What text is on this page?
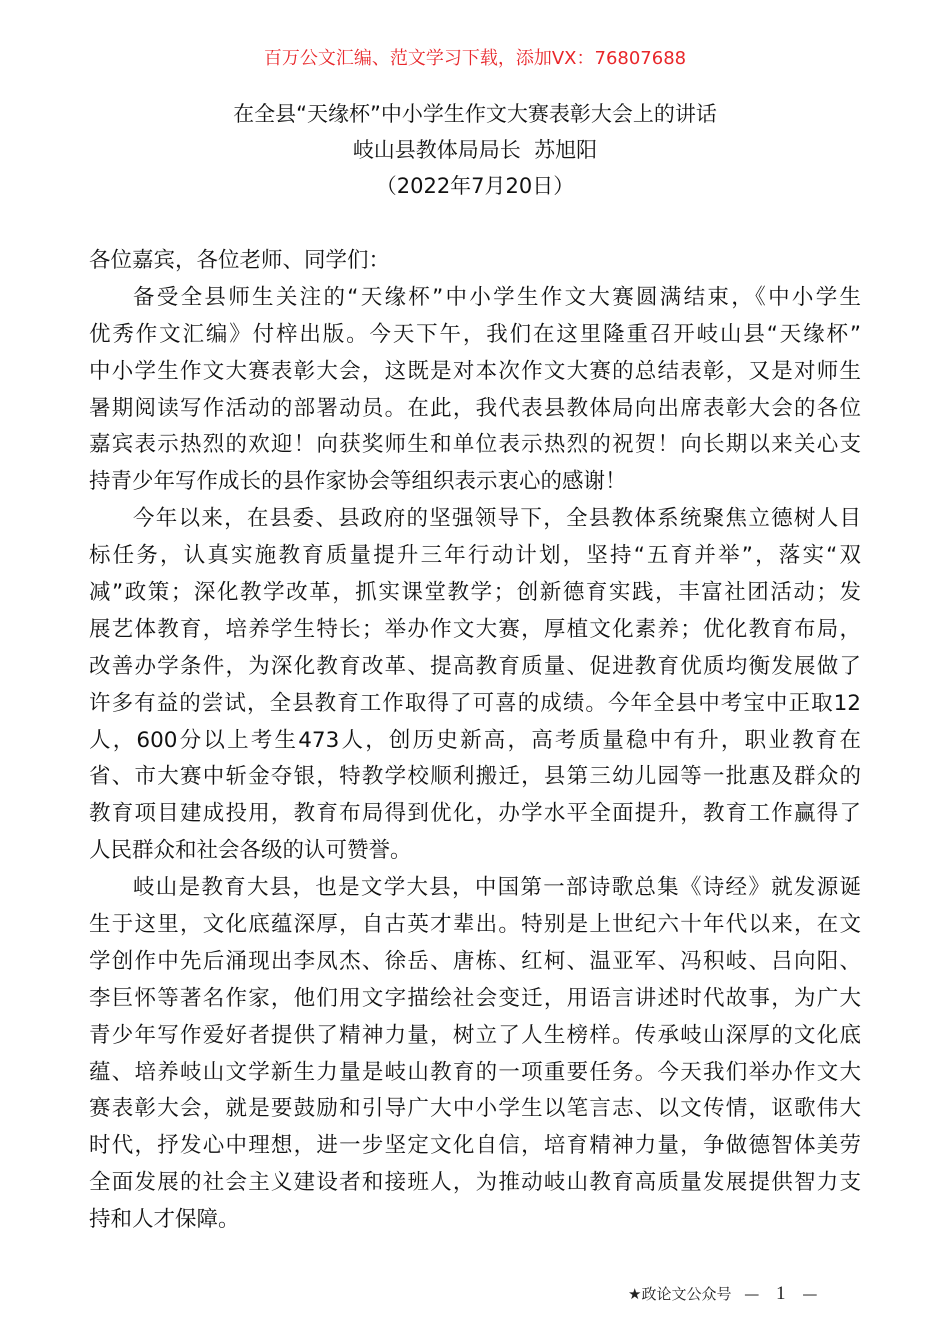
百万公文汇编、范文学习下载，添加VX：76807688
在全县“天缘杯”中小学生作文大赛表彰大会上的讲话
岐山县教体局局长  苏旭阳
（2022年7月20日）
各位嘉宾，各位老师、同学们：
备受全县师生关注的“天缘杯”中小学生作文大赛圆满结束，《中小学生
优秀作文汇编》付梓出版。今天下午，我们在这里隆重召开岐山县“天缘杯”
中小学生作文大赛表彰大会，这既是对本次作文大赛的总结表彰，又是对师生
暑期阅读写作活动的部署动员。在此，我代表县教体局向出席表彰大会的各位
嘉宾表示热烈的欢迎！向获奖师生和单位表示热烈的祝贺！向长期以来关心支
持青少年写作成长的县作家协会等组织表示衷心的感谢！
今年以来，在县委、县政府的坚强领导下，全县教体系统聚焦立德树人目
标任务，认真实施教育质量提升三年行动计划，坚持“五育并举”，落实“双
减”政策；深化教学改革，抓实课堂教学；创新德育实践，丰富社团活动；发
展艺体教育，培养学生特长；举办作文大赛，厚植文化素养；优化教育布局，
改善办学条件，为深化教育改革、提高教育质量、促进教育优质均衡发展做了
许多有益的尝试，全县教育工作取得了可喜的成绩。今年全县中考宝中正取12
人，600分以上考生473人，创历史新高，高考质量稳中有升，职业教育在
省、市大赛中斩金夺银，特教学校顺利搬迁，县第三幼儿园等一批惠及群众的
教育项目建成投用，教育布局得到优化，办学水平全面提升，教育工作赢得了
人民群众和社会各级的认可赞誉。
岐山是教育大县，也是文学大县，中国第一部诗歌总集《诗经》就发源诞
生于这里，文化底蕴深厚，自古英才辈出。特别是上世纪六十年代以来，在文
学创作中先后涌现出李凤杰、徐岳、唐栋、红柯、温亚军、冯积岐、吕向阳、
李巨怀等著名作家，他们用文字描绘社会变迁，用语言讲述时代故事，为广大
青少年写作爱好者提供了精神力量，树立了人生榜样。传承岐山深厚的文化底
蕴、培养岐山文学新生力量是岐山教育的一项重要任务。今天我们举办作文大
赛表彰大会，就是要鼓励和引导广大中小学生以笔言志、以文传情，讴歌伟大
时代，抒发心中理想，进一步坚定文化自信，培育精神力量，争做德智体美劳
全面发展的社会主义建设者和接班人，为推动岐山教育高质量发展提供智力支
持和人才保障。
★政论文公众号 — 1 —
